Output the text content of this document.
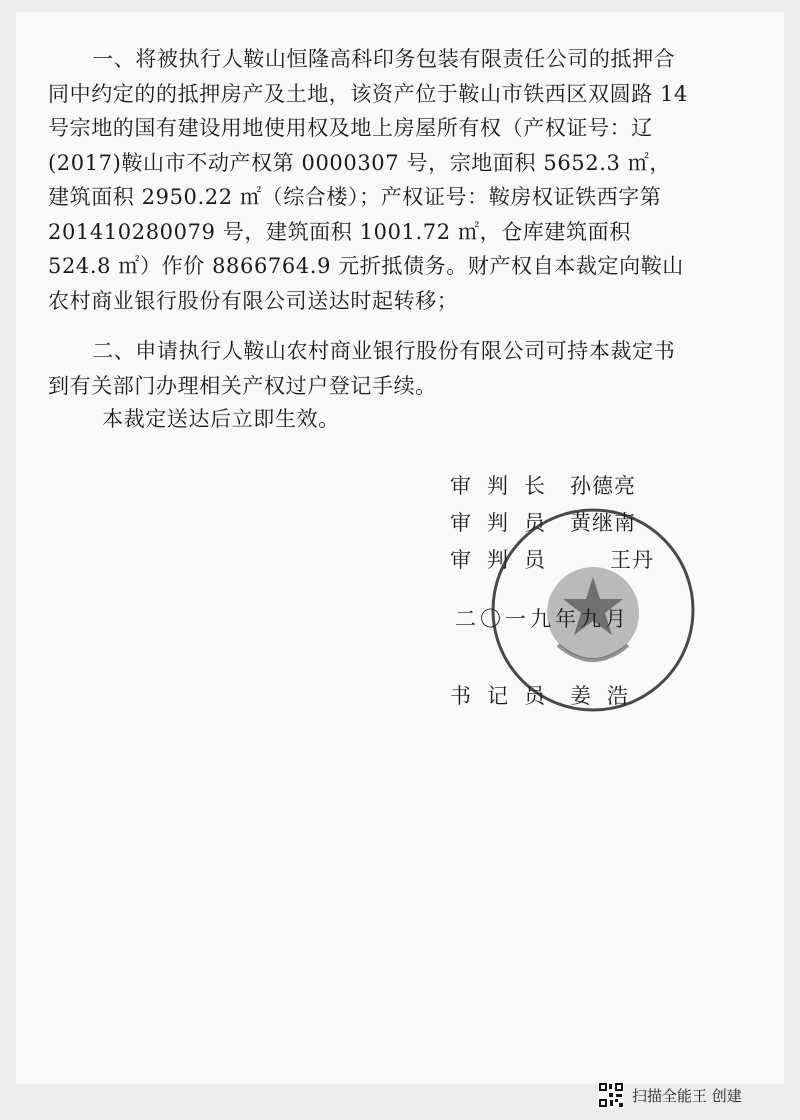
一、将被执行人鞍山恒隆高科印务包装有限责任公司的抵押合同中约定的的抵押房产及土地，该资产位于鞍山市铁西区双圆路 14 号宗地的国有建设用地使用权及地上房屋所有权（产权证号：辽(2017)鞍山市不动产权第 0000307 号，宗地面积 5652.3 ㎡，建筑面积 2950.22 ㎡（综合楼）；产权证号：鞍房权证铁西字第 201410280079 号，建筑面积 1001.72 ㎡，仓库建筑面积 524.8 ㎡）作价 8866764.9 元折抵债务。财产权自本裁定向鞍山农村商业银行股份有限公司送达时起转移；

二、申请执行人鞍山农村商业银行股份有限公司可持本裁定书到有关部门办理相关产权过户登记手续。

本裁定送达后立即生效。

审判长 孙德亮
审判员 黄继南
审判员 王丹
二〇一九年九月
书记员 姜浩
扫描全能王 创建
